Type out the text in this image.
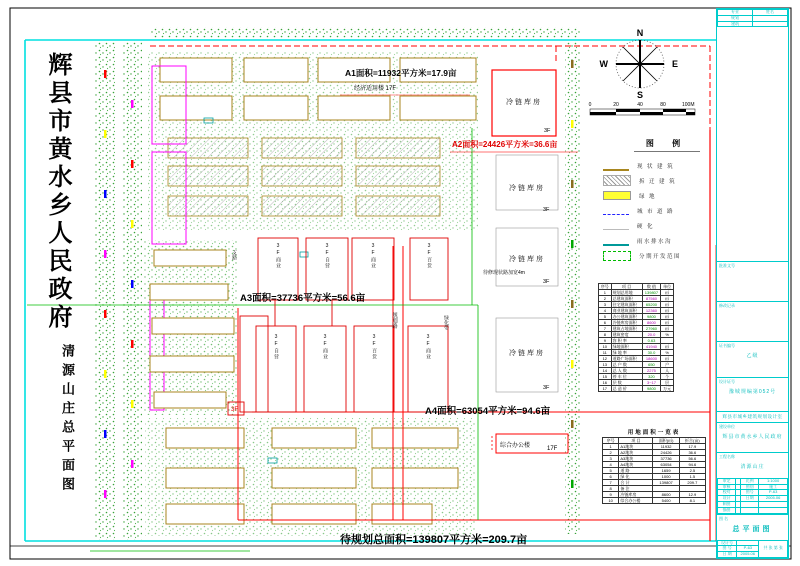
N
S
W	E
0	20	40	80	100M
A1面积=11932平方米=17.9亩
经济适用楼 17F
A2面积=24426平方米=36.6亩
A3面积=37736平方米=56.6亩
A4面积=63054平方米=94.6亩
待规划总面积=139807平方米=209.7亩
冷链库房
3F
冷链库房
3F
冷链库房
3F
冷链库房
3F
综合办公楼	17F
3F
待修现状路加宽4m
辉县市黄水乡人民政府
清源山庄总平面图
3F商业	3F自营	3F商业	3F百货
3F自营	3F商业	3F百货	3F商业
规划路
支路
绿化带
图 例
现 状 建 筑
拆 迁 建 筑
绿 地
城 市 道 路
硬 化
雨水排水沟
分期开发范围
序号	项 目	数 值	单位
1	规划总用地	139807	㎡
2	总建筑面积	87560	㎡
3	住宅建筑面积	65200	㎡
4	商业建筑面积	12360	㎡
5	办公建筑面积	9800	㎡
6	冷链库房面积	8600	㎡
7	建筑占地面积	27960	㎡
8	建筑密度	20.0	%
9	容 积 率	0.63	
10	绿地面积	41940	㎡
11	绿 地 率	30.0	%
12	道路广场面积	18600	㎡
13	总 户 数	650	户
14	总 人 数	2275	人
15	停 车 位	320	个
16	层 数	3~17	层
17	总 造 价	9800	万元
用地面积一览表
序号	项 目	面积(㎡)	折合(亩)
1	A1地块	11932	17.9
2	A2地块	24426	36.6
3	A3地块	37736	56.6
4	A4地块	63054	94.6
5	道 路	1659	2.5
6	绿 化	1000	1.5
7	合 计	139807	209.7
8	备 注		
9	冷链库房	8600	12.9
10	综合办公楼	5400	8.1
专业	姓名
规划	
建筑	
批准文号
修改记录
证书编号
乙级
设计证号
豫城规编第052号
辉县市城乡建筑规划设计室
建设单位
辉县市黄水乡人民政府
工程名称
清源山庄
审定		比例	1:1000
审核		图别	施工
校对		图号	P-63
设计		日期	2005.06
制图			
描图			
图 名
总平面图
设计号		共 张 第 张
图 号	P-63	
日 期	2005.06	
